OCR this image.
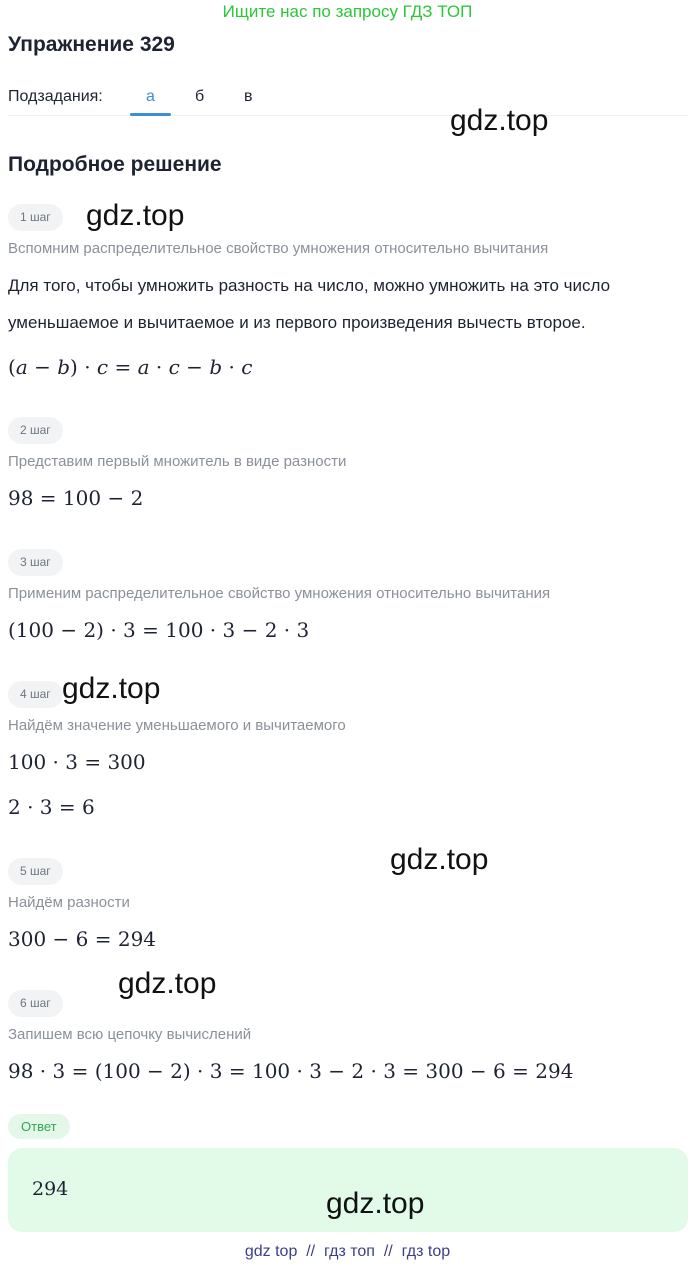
Ищите нас по запросу ГДЗ ТОП
Упражнение 329
Подзадания:	а	б в
Подробное решение
1 шаг
Вспомним распределительное свойство умножения относительно вычитания
Для того, чтобы умножить разность на число, можно умножить на это число
уменьшаемое и вычитаемое и из первого произведения вычесть второе.
(a − b) · c = a · c − b · c
2 шаг
Представим первый множитель в виде разности
98 = 100 − 2
3 шаг
Применим распределительное свойство умножения относительно вычитания
(100 − 2) · 3 = 100 · 3 − 2 · 3
4 шаг
Найдём значение уменьшаемого и вычитаемого
100 · 3 = 300
2 · 3 = 6
5 шаг
Найдём разности
300 − 6 = 294
6 шаг
Запишем всю цепочку вычислений
98 · 3 = (100 − 2) · 3 = 100 · 3 − 2 · 3 = 300 − 6 = 294
Ответ
294
gdz.top
gdz.top
gdz.top
gdz.top
gdz.top
gdz.top
gdz top // гдз топ // гдз top
